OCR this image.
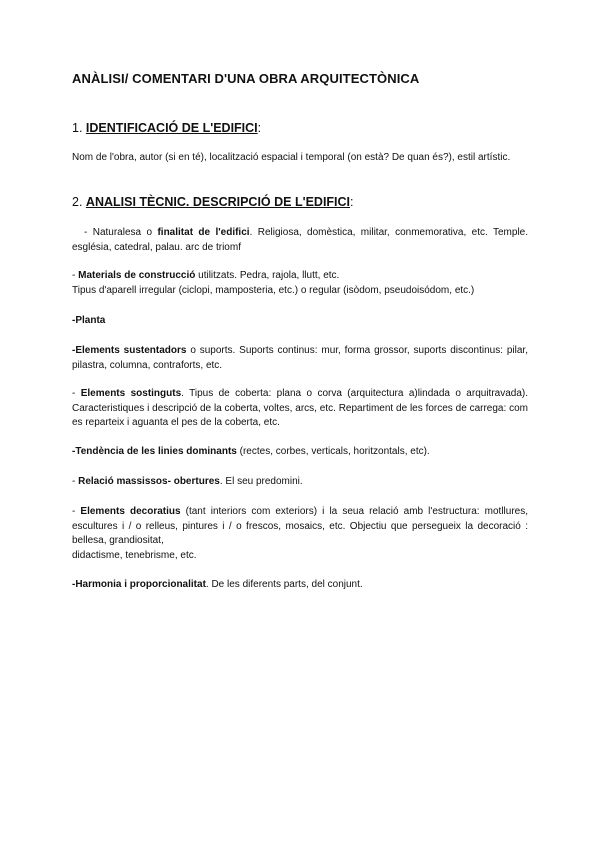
ANÀLISI/ COMENTARI D'UNA OBRA ARQUITECTÒNICA
1. IDENTIFICACIÓ DE L'EDIFICI:
Nom de l'obra, autor (si en té), localització espacial i temporal (on està? De quan és?), estil artístic.
2. ANALISI TÈCNIC. DESCRIPCIÓ DE L'EDIFICI:
- Naturalesa o finalitat de l'edifici. Religiosa, domèstica, militar, conmemorativa, etc. Temple. església, catedral, palau. arc de triomf
- Materials de construcció utilitzats. Pedra, rajola, llutt, etc.
Tipus d'aparell irregular (ciclopi, mamposteria, etc.) o regular (isòdom, pseudoisódom, etc.)
-Planta
-Elements sustentadors o suports. Suports continus: mur, forma grossor, suports discontinus: pilar, pilastra, columna, contraforts, etc.
- Elements sostinguts. Tipus de coberta: plana o corva (arquitectura a)lindada o arquitravada). Caracteristiques i descripció de la coberta, voltes, arcs, etc. Repartiment de les forces de carrega: com es reparteix i aguanta el pes de la coberta, etc.
-Tendència de les linies dominants (rectes, corbes, verticals, horitzontals, etc).
- Relació massissos- obertures. El seu predomini.
- Elements decoratius (tant interiors com exteriors) i la seua relació amb l'estructura: motllures, escultures i / o relleus, pintures i / o frescos, mosaics, etc. Objectiu que persegueix la decoració : bellesa, grandiositat,
didactisme, tenebrisme, etc.
-Harmonia i proporcionalitat. De les diferents parts, del conjunt.
